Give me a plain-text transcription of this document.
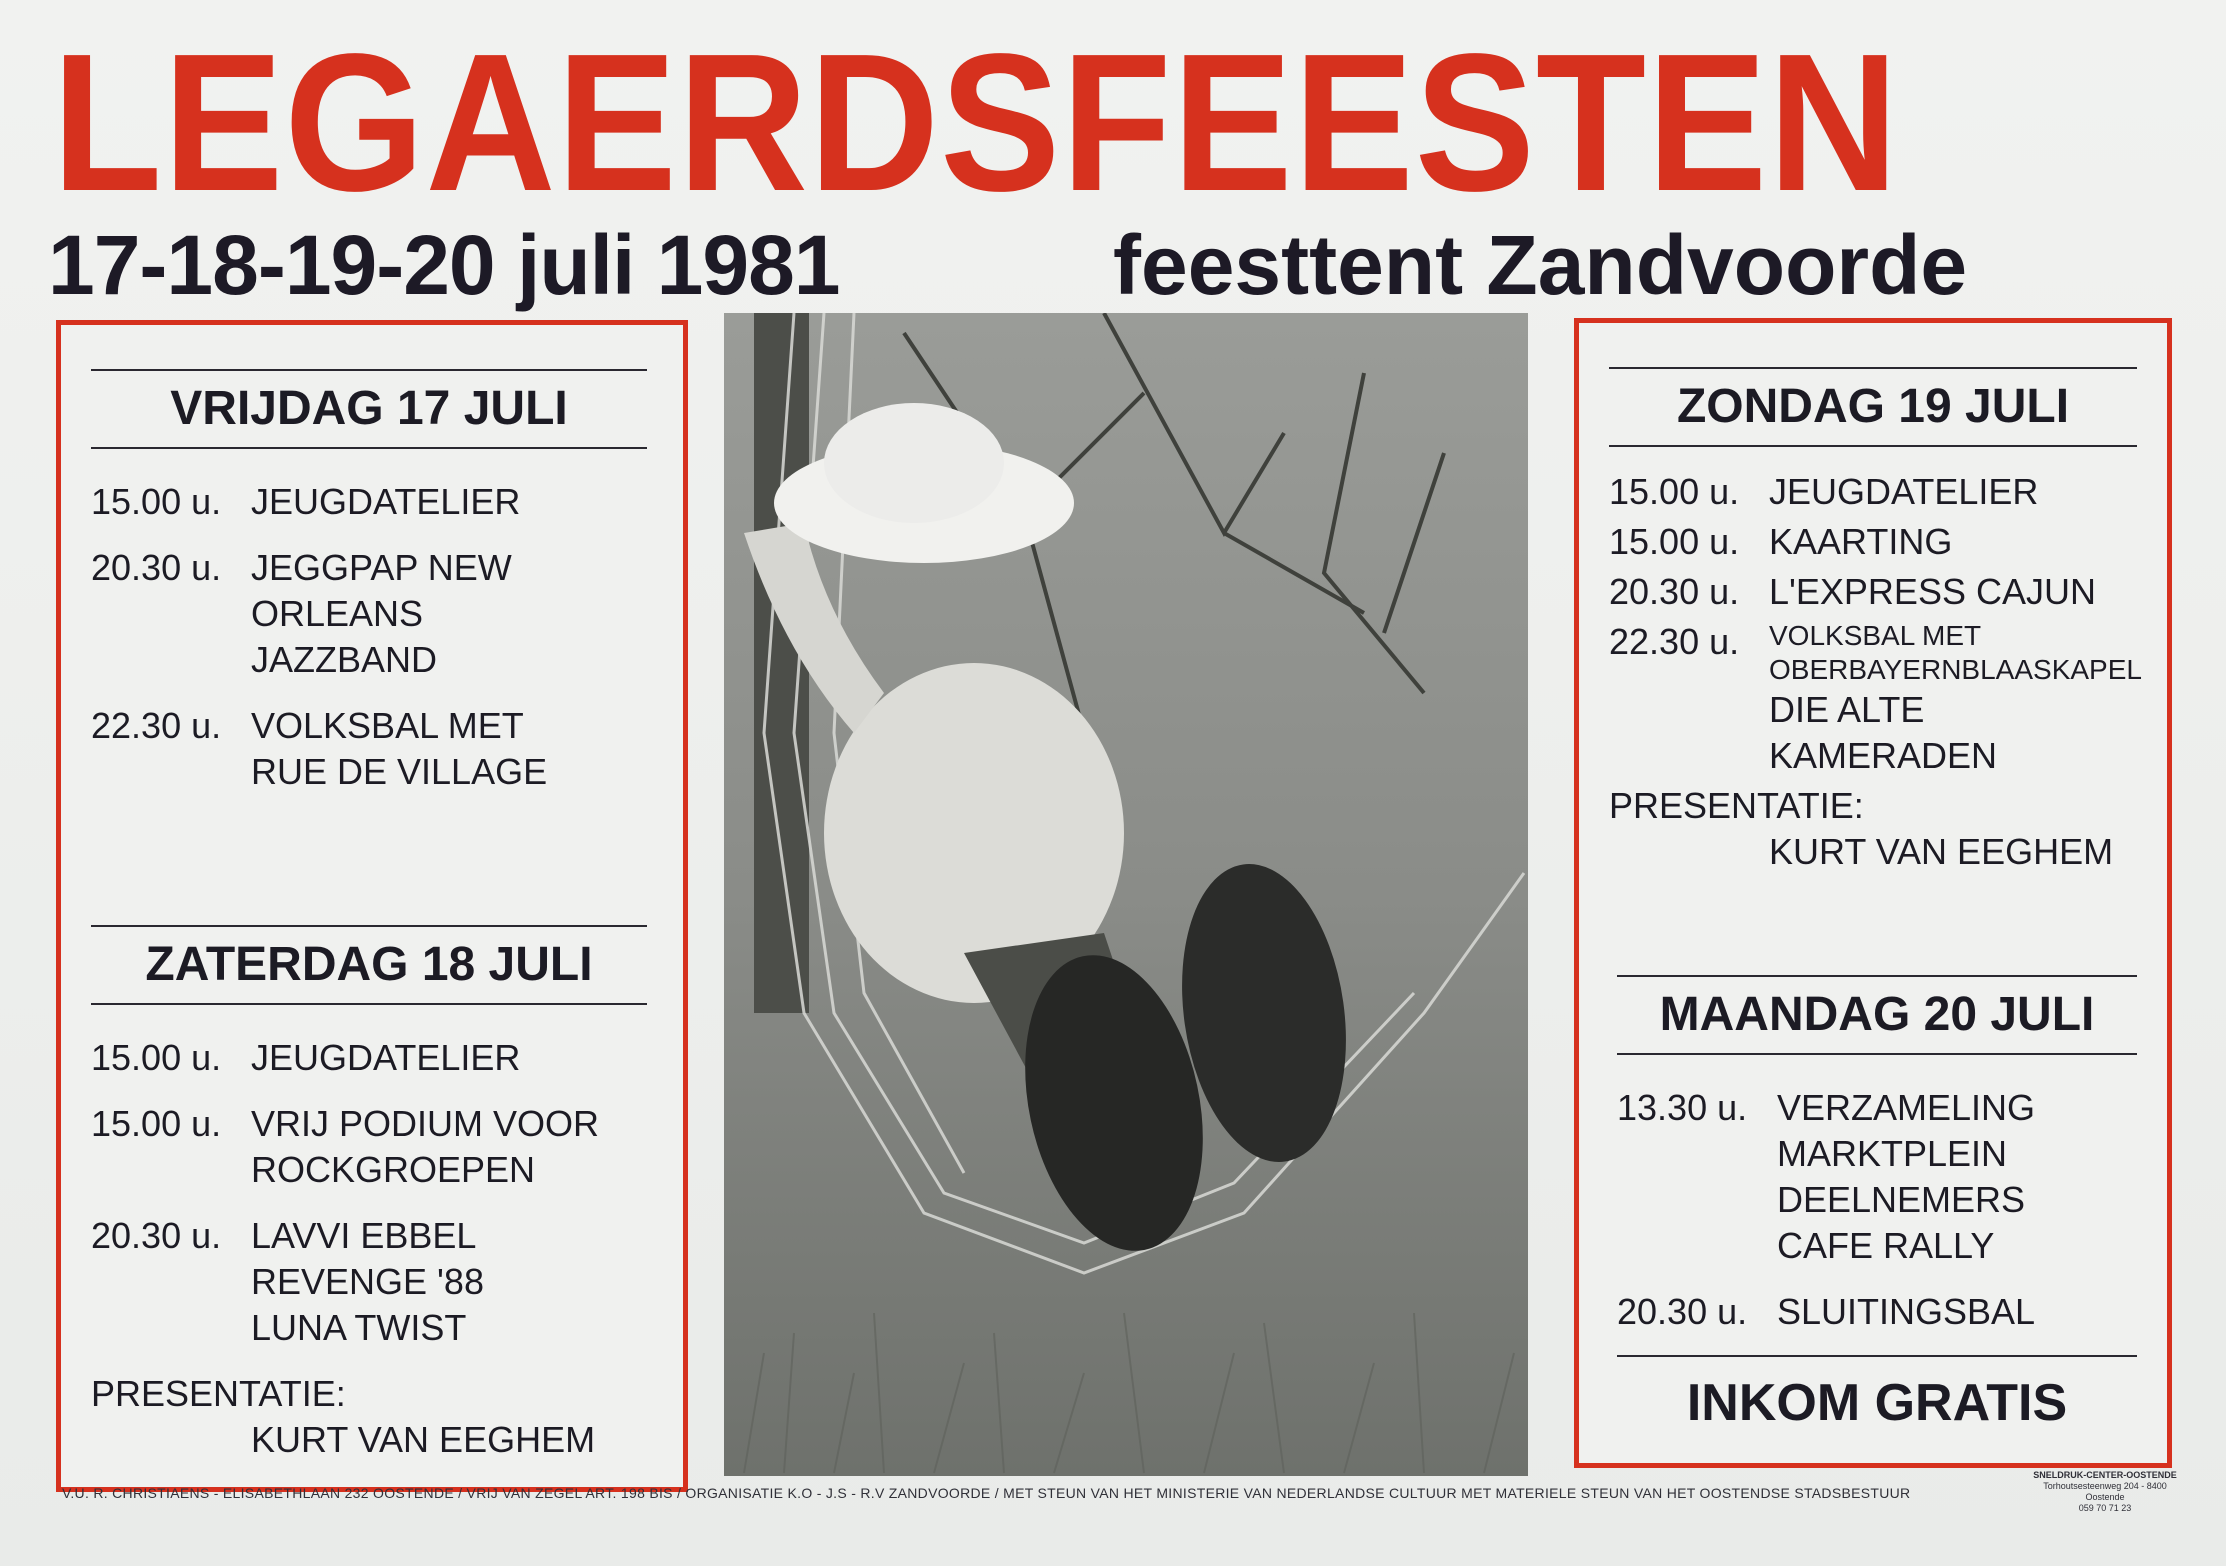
LEGAERDSFEESTEN
17-18-19-20 juli 1981	feesttent Zandvoorde
VRIJDAG 17 JULI
15.00 u. JEUGDATELIER
20.30 u. JEGGPAP NEW
ORLEANS
JAZZBAND
22.30 u. VOLKSBAL MET
RUE DE VILLAGE
ZATERDAG 18 JULI
15.00 u. JEUGDATELIER
15.00 u. VRIJ PODIUM VOOR
ROCKGROEPEN
20.30 u. LAVVI EBBEL
REVENGE '88
LUNA TWIST
PRESENTATIE:
KURT VAN EEGHEM
ZONDAG 19 JULI
15.00 u. JEUGDATELIER
15.00 u. KAARTING
20.30 u. L'EXPRESS CAJUN
22.30 u.	VOLKSBAL MET
OBERBAYERNBLAASKAPEL
DIE ALTE
KAMERADEN
PRESENTATIE:
KURT VAN EEGHEM
MAANDAG 20 JULI
13.30 u. VERZAMELING
MARKTPLEIN
DEELNEMERS
CAFE RALLY
20.30 u. SLUITINGSBAL
INKOM GRATIS
V.U. R. CHRISTIAENS - ELISABETHLAAN 232 OOSTENDE / VRIJ VAN ZEGEL ART. 198 BIS / ORGANISATIE K.O - J.S - R.V ZANDVOORDE / MET STEUN VAN HET MINISTERIE VAN NEDERLANDSE CULTUUR MET MATERIELE STEUN VAN HET OOSTENDSE STADSBESTUUR
SNELDRUK-CENTER-OOSTENDE
Torhoutsesteenweg 204 - 8400 Oostende
059 70 71 23
